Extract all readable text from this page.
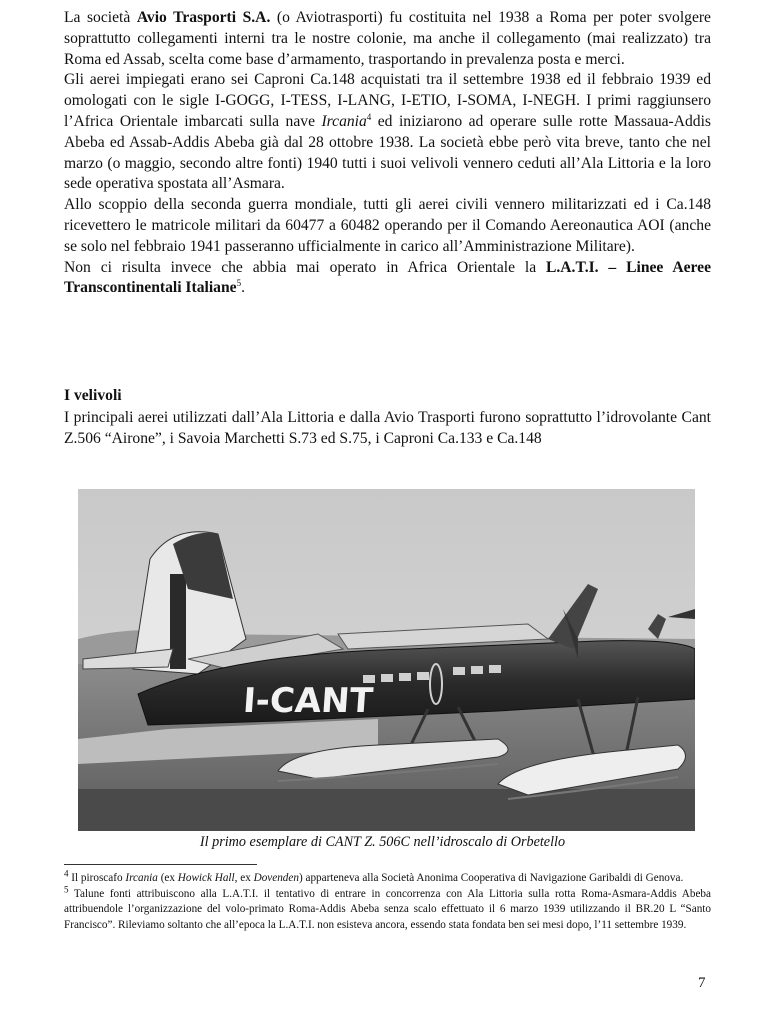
La società Avio Trasporti S.A. (o Aviotrasporti) fu costituita nel 1938 a Roma per poter svolgere soprattutto collegamenti interni tra le nostre colonie, ma anche il collegamento (mai realizzato) tra Roma ed Assab, scelta come base d’armamento, trasportando in prevalenza posta e merci.

Gli aerei impiegati erano sei Caproni Ca.148 acquistati tra il settembre 1938 ed il febbraio 1939 ed omologati con le sigle I-GOGG, I-TESS, I-LANG, I-ETIO, I-SOMA, I-NEGH. I primi raggiunsero l’Africa Orientale imbarcati sulla nave Ircania$^4$ ed iniziarono ad operare sulle rotte Massaua-Addis Abeba ed Assab-Addis Abeba già dal 28 ottobre 1938. La società ebbe però vita breve, tanto che nel marzo (o maggio, secondo altre fonti) 1940 tutti i suoi velivoli vennero ceduti all’Ala Littoria e la loro sede operativa spostata all’Asmara.

Allo scoppio della seconda guerra mondiale, tutti gli aerei civili vennero militarizzati ed i Ca.148 ricevettero le matricole militari da 60477 a 60482 operando per il Comando Aereonautica AOI (anche se solo nel febbraio 1941 passeranno ufficialmente in carico all’Amministrazione Militare).

Non ci risulta invece che abbia mai operato in Africa Orientale la L.A.T.I. – Linee Aeree Transcontinentali Italiane$^5$.

I velivoli
I principali aerei utilizzati dall’Ala Littoria e dalla Avio Trasporti furono soprattutto l’idrovolante Cant Z.506 “Airone”, i Savoia Marchetti S.73 ed S.75, i Caproni Ca.133 e Ca.148
I-CANT
Il primo esemplare di CANT Z. 506C nell’idroscalo di Orbetello

$^4$ Il piroscafo Ircania (ex Howick Hall, ex Dovenden) apparteneva alla Società Anonima Cooperativa di Navigazione Garibaldi di Genova.

$^5$ Talune fonti attribuiscono alla L.A.T.I. il tentativo di entrare in concorrenza con Ala Littoria sulla rotta Roma-Asmara-Addis Abeba attribuendole l’organizzazione del volo-primato Roma-Addis Abeba senza scalo effettuato il 6 marzo 1939 utilizzando il BR.20 L “Santo Francisco”. Rileviamo soltanto che all’epoca la L.A.T.I. non esisteva ancora, essendo stata fondata ben sei mesi dopo, l’11 settembre 1939.

7
